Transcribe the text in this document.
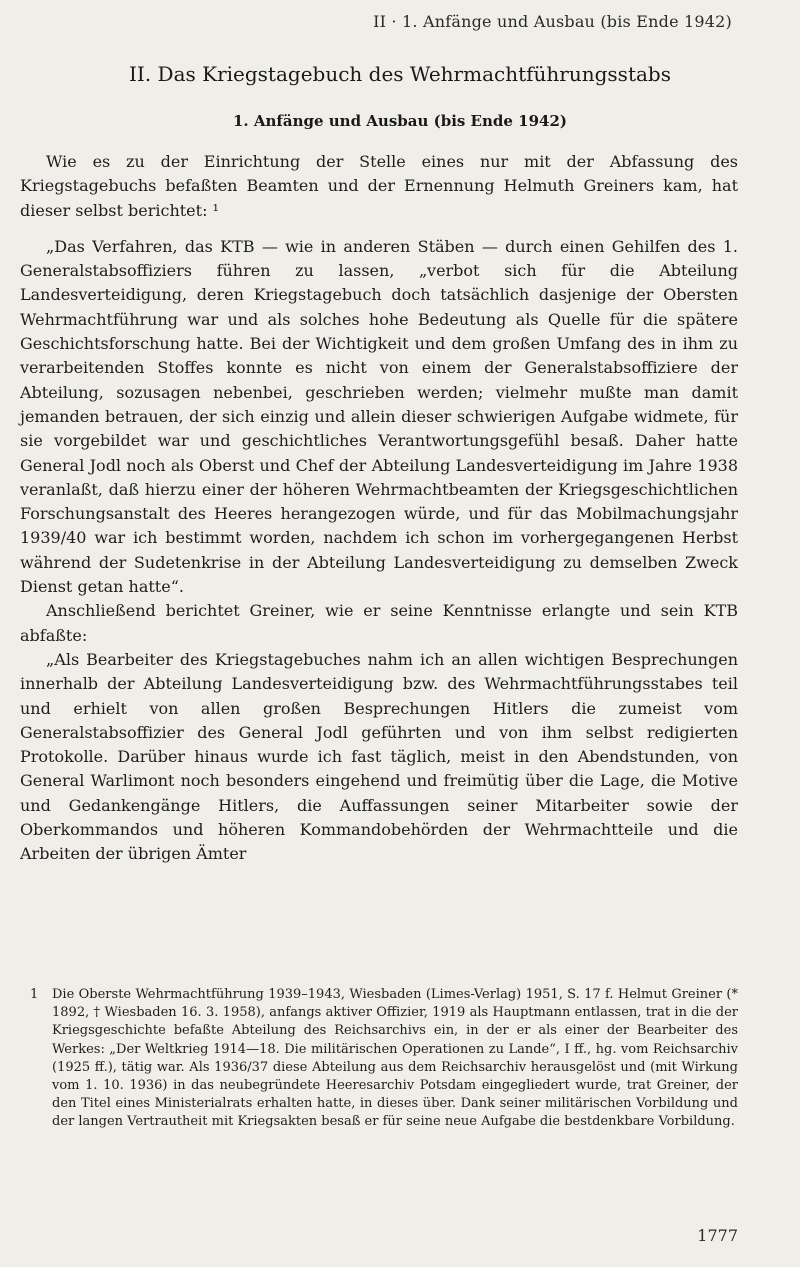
II · 1. Anfänge und Ausbau (bis Ende 1942)
II. Das Kriegstagebuch des Wehrmachtführungsstabs
1. Anfänge und Ausbau (bis Ende 1942)

Wie es zu der Einrichtung der Stelle eines nur mit der Abfassung des Kriegstagebuchs befaßten Beamten und der Ernennung Helmuth Greiners kam, hat dieser selbst berichtet: ¹

„Das Verfahren, das KTB — wie in anderen Stäben — durch einen Gehilfen des 1. Generalstabsoffiziers führen zu lassen, „verbot sich für die Abteilung Landesverteidigung, deren Kriegstagebuch doch tatsächlich dasjenige der Obersten Wehrmachtführung war und als solches hohe Bedeutung als Quelle für die spätere Geschichtsforschung hatte. Bei der Wichtigkeit und dem großen Umfang des in ihm zu verarbeitenden Stoffes konnte es nicht von einem der Generalstabsoffiziere der Abteilung, sozusagen nebenbei, geschrieben werden; vielmehr mußte man damit jemanden betrauen, der sich einzig und allein dieser schwierigen Aufgabe widmete, für sie vorgebildet war und geschichtliches Verantwortungsgefühl besaß. Daher hatte General Jodl noch als Oberst und Chef der Abteilung Landesverteidigung im Jahre 1938 veranlaßt, daß hierzu einer der höheren Wehrmachtbeamten der Kriegsgeschichtlichen Forschungsanstalt des Heeres herangezogen würde, und für das Mobilmachungsjahr 1939/40 war ich bestimmt worden, nachdem ich schon im vorhergegangenen Herbst während der Sudetenkrise in der Abteilung Landesverteidigung zu demselben Zweck Dienst getan hatte“.

Anschließend berichtet Greiner, wie er seine Kenntnisse erlangte und sein KTB abfaßte:

„Als Bearbeiter des Kriegstagebuches nahm ich an allen wichtigen Besprechungen innerhalb der Abteilung Landesverteidigung bzw. des Wehrmachtführungsstabes teil und erhielt von allen großen Besprechungen Hitlers die zumeist vom Generalstabsoffizier des General Jodl geführten und von ihm selbst redigierten Protokolle. Darüber hinaus wurde ich fast täglich, meist in den Abendstunden, von General Warlimont noch besonders eingehend und freimütig über die Lage, die Motive und Gedankengänge Hitlers, die Auffassungen seiner Mitarbeiter sowie der Oberkommandos und höheren Kommandobehörden der Wehrmachtteile und die Arbeiten der übrigen Ämter

1 Die Oberste Wehrmachtführung 1939–1943, Wiesbaden (Limes-Verlag) 1951, S. 17 f. Helmut Greiner (* 1892, † Wiesbaden 16. 3. 1958), anfangs aktiver Offizier, 1919 als Hauptmann entlassen, trat in die der Kriegsgeschichte befaßte Abteilung des Reichsarchivs ein, in der er als einer der Bearbeiter des Werkes: „Der Weltkrieg 1914—18. Die militärischen Operationen zu Lande“, I ff., hg. vom Reichsarchiv (1925 ff.), tätig war. Als 1936/37 diese Abteilung aus dem Reichsarchiv herausgelöst und (mit Wirkung vom 1. 10. 1936) in das neubegründete Heeresarchiv Potsdam eingegliedert wurde, trat Greiner, der den Titel eines Ministerialrats erhalten hatte, in dieses über. Dank seiner militärischen Vorbildung und der langen Vertrautheit mit Kriegsakten besaß er für seine neue Aufgabe die bestdenkbare Vorbildung.
1777
